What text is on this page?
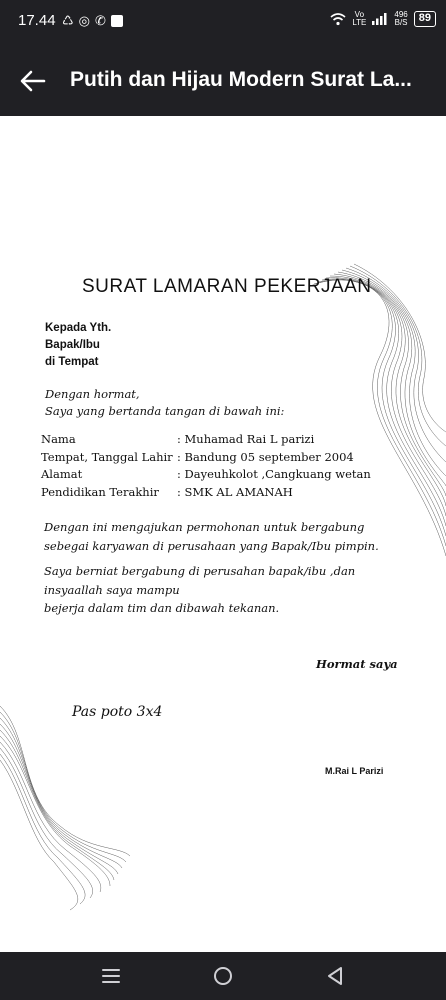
17.44 ♺ ◎ ✆	Vo
LTE
496
B/S	89
Putih dan Hijau Modern Surat La...
SURAT LAMARAN PEKERJAAN
Kepada Yth.
Bapak/Ibu
di Tempat
Dengan hormat,
Saya yang bertanda tangan di bawah ini:
Nama	: Muhamad Rai L parizi
Tempat, Tanggal Lahir : Bandung 05 september 2004
Alamat	: Dayeuhkolot ,Cangkuang wetan
Pendidikan Terakhir : SMK AL AMANAH
Dengan ini mengajukan permohonan untuk bergabung
sebegai karyawan di perusahaan yang Bapak/Ibu pimpin.
Saya berniat bergabung di perusahan bapak/ibu ,dan
insyaallah saya mampu
bejerja dalam tim dan dibawah tekanan.
Hormat saya
Pas poto 3x4
M.Rai L Parizi
